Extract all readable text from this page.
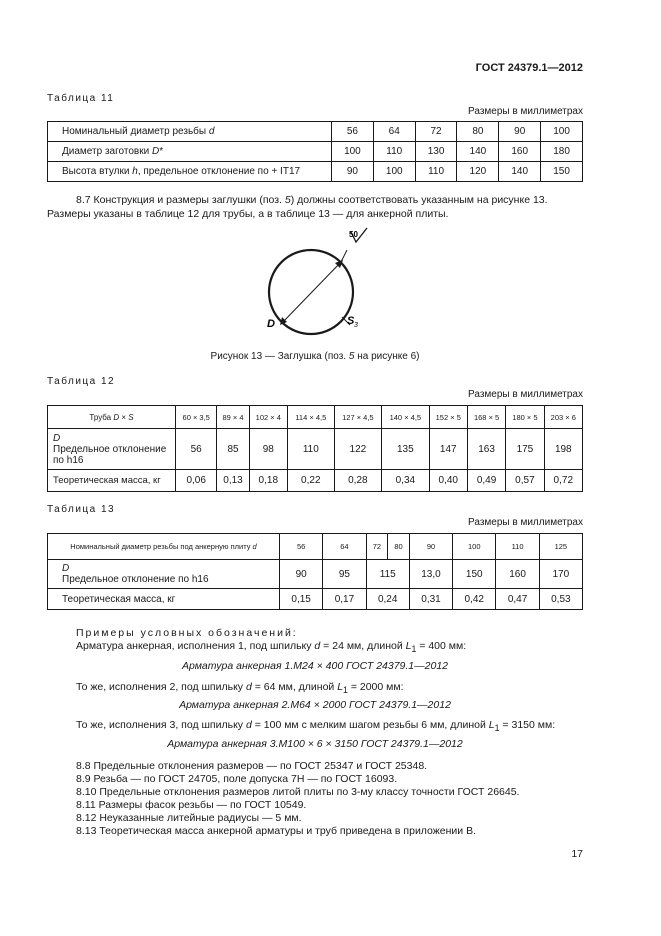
ГОСТ 24379.1—2012
Таблица 11
Размеры в миллиметрах
Номинальный диаметр резьбы d	56	64	72	80	90	100
Диаметр заготовки D*	100	110	130	140	160	180
Высота втулки h, предельное отклонение по + IT17	90	100	110	120	140	150
8.7 Конструкция и размеры заглушки (поз. 5) должны соответствовать указанным на рисунке 13.
Размеры указаны в таблице 12 для трубы, а в таблице 13 — для анкерной плиты.
50
D	S 3
Рисунок 13 — Заглушка (поз. 5 на рисунке 6)
Таблица 12
Размеры в миллиметрах
Труба D × S	60 × 3,5	89 × 4	102 × 4	114 × 4,5	127 × 4,5	140 × 4,5	152 × 5	168 × 5	180 × 5	203 × 6
D
Предельное отклонение
по h16	56	85	98	110	122	135	147	163	175	198
Теоретическая масса, кг	0,06	0,13	0,18	0,22	0,28	0,34	0,40	0,49	0,57	0,72
Таблица 13
Размеры в миллиметрах
Номинальный диаметр резьбы под анкерную плиту d	56	64	72	80	90	100	110	125
D
Предельное отклонение по h16	90	95	115		13,0	150	160	170
Теоретическая масса, кг	0,15	0,17	0,24		0,31	0,42	0,47	0,53
Примеры условных обозначений:
Арматура анкерная, исполнения 1, под шпильку d = 24 мм, длиной $L_1 = 400$ мм:
Арматура анкерная 1.М24 × 400 ГОСТ 24379.1—2012
То же, исполнения 2, под шпильку d = 64 мм, длиной $L_1 = 2000$ мм:
Арматура анкерная 2.М64 × 2000 ГОСТ 24379.1—2012
То же, исполнения 3, под шпильку d = 100 мм с мелким шагом резьбы 6 мм, длиной $L_1 = 3150$ мм:
Арматура анкерная 3.М100 × 6 × 3150 ГОСТ 24379.1—2012
8.8 Предельные отклонения размеров — по ГОСТ 25347 и ГОСТ 25348.
8.9 Резьба — по ГОСТ 24705, поле допуска 7Н — по ГОСТ 16093.
8.10 Предельные отклонения размеров литой плиты по 3-му классу точности ГОСТ 26645.
8.11 Размеры фасок резьбы — по ГОСТ 10549.
8.12 Неуказанные литейные радиусы — 5 мм.
8.13 Теоретическая масса анкерной арматуры и труб приведена в приложении В.
17
